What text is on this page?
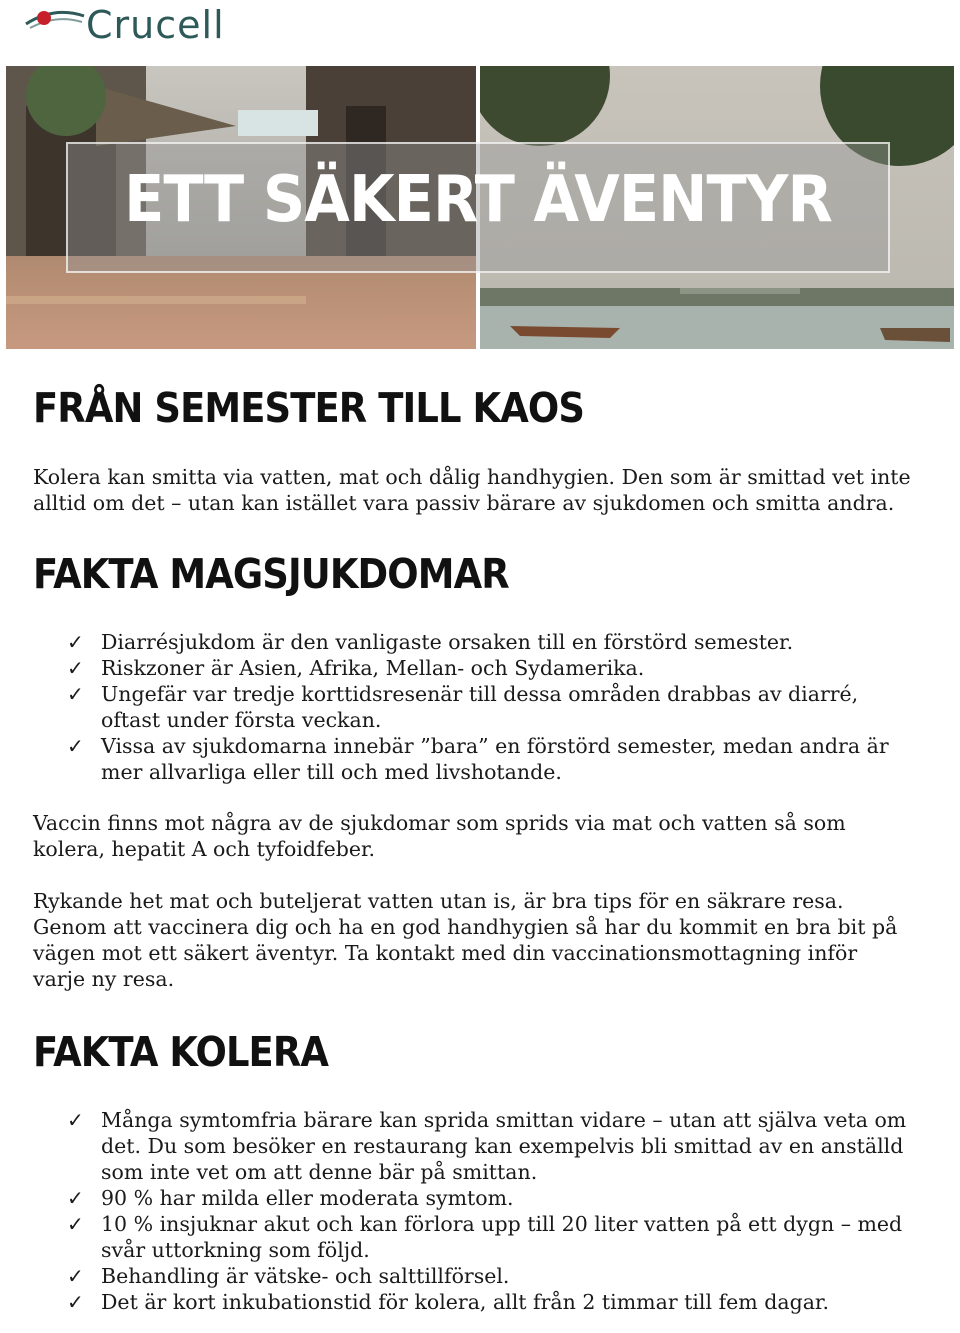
Crucell
ETT SÄKERT ÄVENTYR
FRÅN SEMESTER TILL KAOS

Kolera kan smitta via vatten, mat och dålig handhygien. Den som är smittad vet inte alltid om det – utan kan istället vara passiv bärare av sjukdomen och smitta andra.

FAKTA MAGSJUKDOMAR
✓ Diarrésjukdom är den vanligaste orsaken till en förstörd semester.
✓ Riskzoner är Asien, Afrika, Mellan- och Sydamerika.
✓ Ungefär var tredje korttidsresenär till dessa områden drabbas av diarré, oftast under första veckan.
✓ Vissa av sjukdomarna innebär ”bara” en förstörd semester, medan andra är mer allvarliga eller till och med livshotande.

Vaccin finns mot några av de sjukdomar som sprids via mat och vatten så som kolera, hepatit A och tyfoidfeber.

Rykande het mat och buteljerat vatten utan is, är bra tips för en säkrare resa. Genom att vaccinera dig och ha en god handhygien så har du kommit en bra bit på vägen mot ett säkert äventyr. Ta kontakt med din vaccinationsmottagning inför varje ny resa.

FAKTA KOLERA
✓ Många symtomfria bärare kan sprida smittan vidare – utan att själva veta om det. Du som besöker en restaurang kan exempelvis bli smittad av en anställd som inte vet om att denne bär på smittan.
✓ 90 % har milda eller moderata symtom.
✓ 10 % insjuknar akut och kan förlora upp till 20 liter vatten på ett dygn – med svår uttorkning som följd.
✓ Behandling är vätske- och salttillförsel.
✓ Det är kort inkubationstid för kolera, allt från 2 timmar till fem dagar.
